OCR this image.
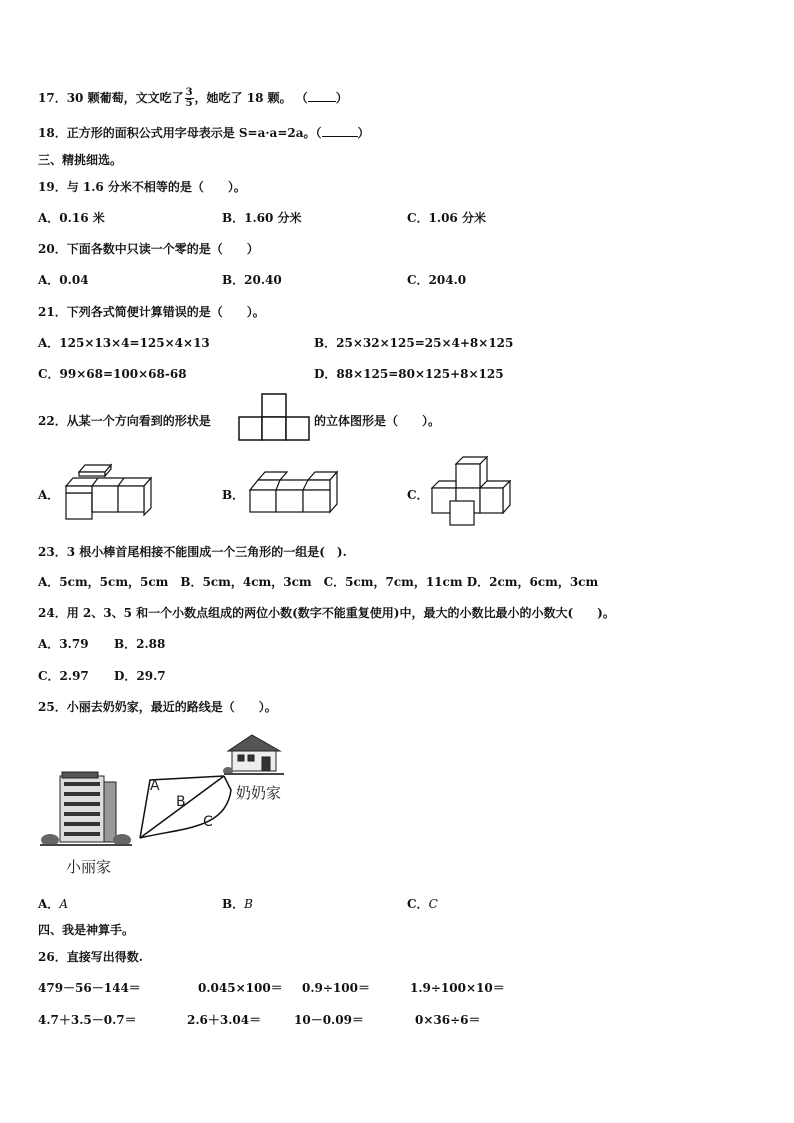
17．30 颗葡萄，文文吃了 $\frac{3}{5}$ ，她吃了 18 颗。 （ ）
18．正方形的面积公式用字母表示是 S=a·a=2a。（	）
三、精挑细选。
19．与 1.6 分米不相等的是（　　）。
A．0.16 米	B．1.60 分米	C．1.06 分米
20．下面各数中只读一个零的是（　　）
A．0.04	B．20.40	C．204.0
21．下列各式简便计算错误的是（　　）。
A．125×13×4=125×4×13	B．25×32×125=25×4+8×125
C．99×68=100×68-68	D．88×125=80×125+8×125
22．从某一个方向看到的形状是	的立体图形是（　　）。
A．	B．	C．
23．3 根小棒首尾相接不能围成一个三角形的一组是(　).
A．5cm，5cm，5cm　B．5cm，4cm，3cm　C．5cm，7cm，11cm D．2cm，6cm，3cm
24．用 2、3、5 和一个小数点组成的两位小数(数字不能重复使用)中，最大的小数比最小的小数大(　　)。
A．3.79 B．2.88
C．2.97 D．29.7
25．小丽去奶奶家，最近的路线是（　　）。
小丽家
奶奶家
A
B
C
A．A	B．B	C．C
四、我是神算手。
26．直接写出得数.
479－56－144＝	0.045×100＝ 0.9÷100＝	1.9÷100×10＝
4.7＋3.5－0.7＝	2.6＋3.04＝	10－0.09＝	0×36÷6＝
